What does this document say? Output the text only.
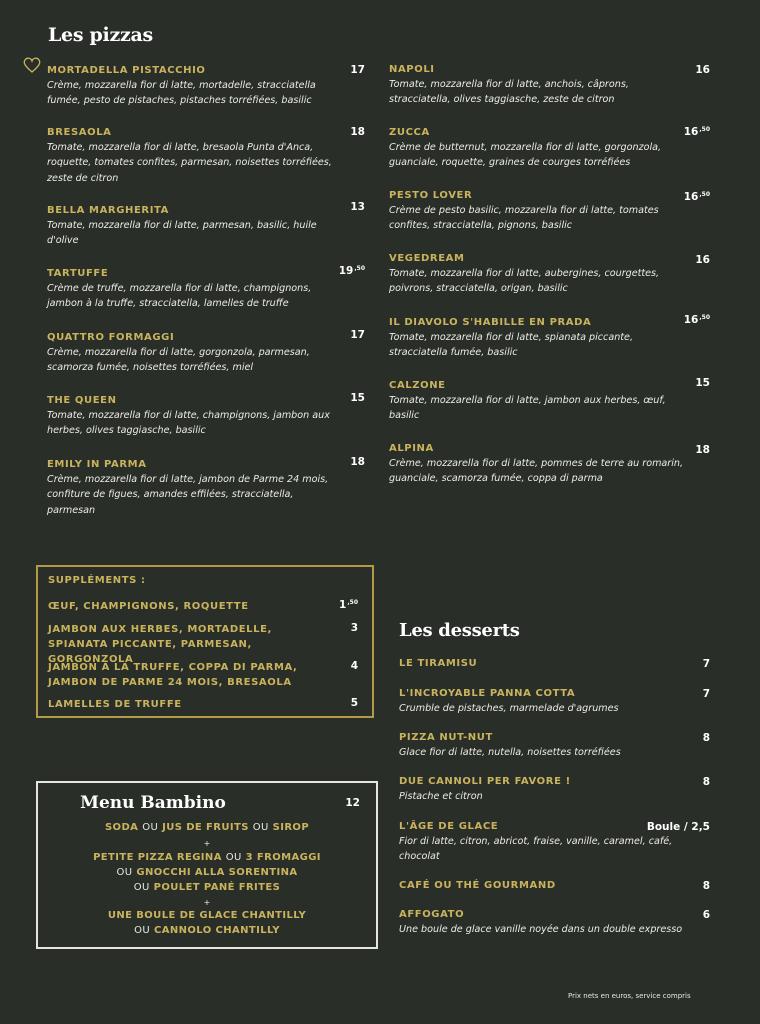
Les pizzas
MORTADELLA PISTACCHIO
Crème, mozzarella fior di latte, mortadelle, stracciatella fumée, pesto de pistaches, pistaches torréfiées, basilic
17
BRESAOLA
Tomate, mozzarella fior di latte, bresaola Punta d'Anca, roquette, tomates confites, parmesan, noisettes torréfiées, zeste de citron
18
BELLA MARGHERITA
Tomate, mozzarella fior di latte, parmesan, basilic, huile d'olive
13
TARTUFFE
Crème de truffe, mozzarella fior di latte, champignons, jambon à la truffe, stracciatella, lamelles de truffe
$19^{,50}$
QUATTRO FORMAGGI
Crème, mozzarella fior di latte, gorgonzola, parmesan, scamorza fumée, noisettes torréfiées, miel
17
THE QUEEN
Tomate, mozzarella fior di latte, champignons, jambon aux herbes, olives taggiasche, basilic
15
EMILY IN PARMA
Crème, mozzarella fior di latte, jambon de Parme 24 mois, confiture de figues, amandes effilées, stracciatella, parmesan
18
NAPOLI
Tomate, mozzarella fior di latte, anchois, câprons, stracciatella, olives taggiasche, zeste de citron
16
ZUCCA
Crème de butternut, mozzarella fior di latte, gorgonzola, guanciale, roquette, graines de courges torréfiées
$16^{,50}$
PESTO LOVER
Crème de pesto basilic, mozzarella fior di latte, tomates confites, stracciatella, pignons, basilic
$16^{,50}$
VEGEDREAM
Tomate, mozzarella fior di latte, aubergines, courgettes, poivrons, stracciatella, origan, basilic
16
IL DIAVOLO S'HABILLE EN PRADA
Tomate, mozzarella fior di latte, spianata piccante, stracciatella fumée, basilic
$16^{,50}$
CALZONE
Tomate, mozzarella fior di latte, jambon aux herbes, œuf, basilic
15
ALPINA
Crème, mozzarella fior di latte, pommes de terre au romarin, guanciale, scamorza fumée, coppa di parma
18
SUPPLÉMENTS :
ŒUF, CHAMPIGNONS, ROQUETTE	$1^{,50}$
JAMBON AUX HERBES, MORTADELLE, SPIANATA PICCANTE, PARMESAN, GORGONZOLA
3
JAMBON À LA TRUFFE, COPPA DI PARMA, JAMBON DE PARME 24 MOIS, BRESAOLA
4
LAMELLES DE TRUFFE	5
Menu Bambino	12
SODA OU JUS DE FRUITS OU SIROP
+
PETITE PIZZA REGINA OU 3 FROMAGGI
OU GNOCCHI ALLA SORENTINA
OU POULET PANÉ FRITES
+
UNE BOULE DE GLACE CHANTILLY
OU CANNOLO CHANTILLY
Les desserts
LE TIRAMISU	7
L'INCROYABLE PANNA COTTA
Crumble de pistaches, marmelade d'agrumes
7
PIZZA NUT-NUT
Glace fior di latte, nutella, noisettes torréfiées
8
DUE CANNOLI PER FAVORE !
Pistache et citron
8
L'ÂGE DE GLACE
Fior di latte, citron, abricot, fraise, vanille, caramel, café, chocolat
Boule / 2,5
CAFÉ OU THÉ GOURMAND	8
AFFOGATO
Une boule de glace vanille noyée dans un double expresso
6
Prix nets en euros, service compris
